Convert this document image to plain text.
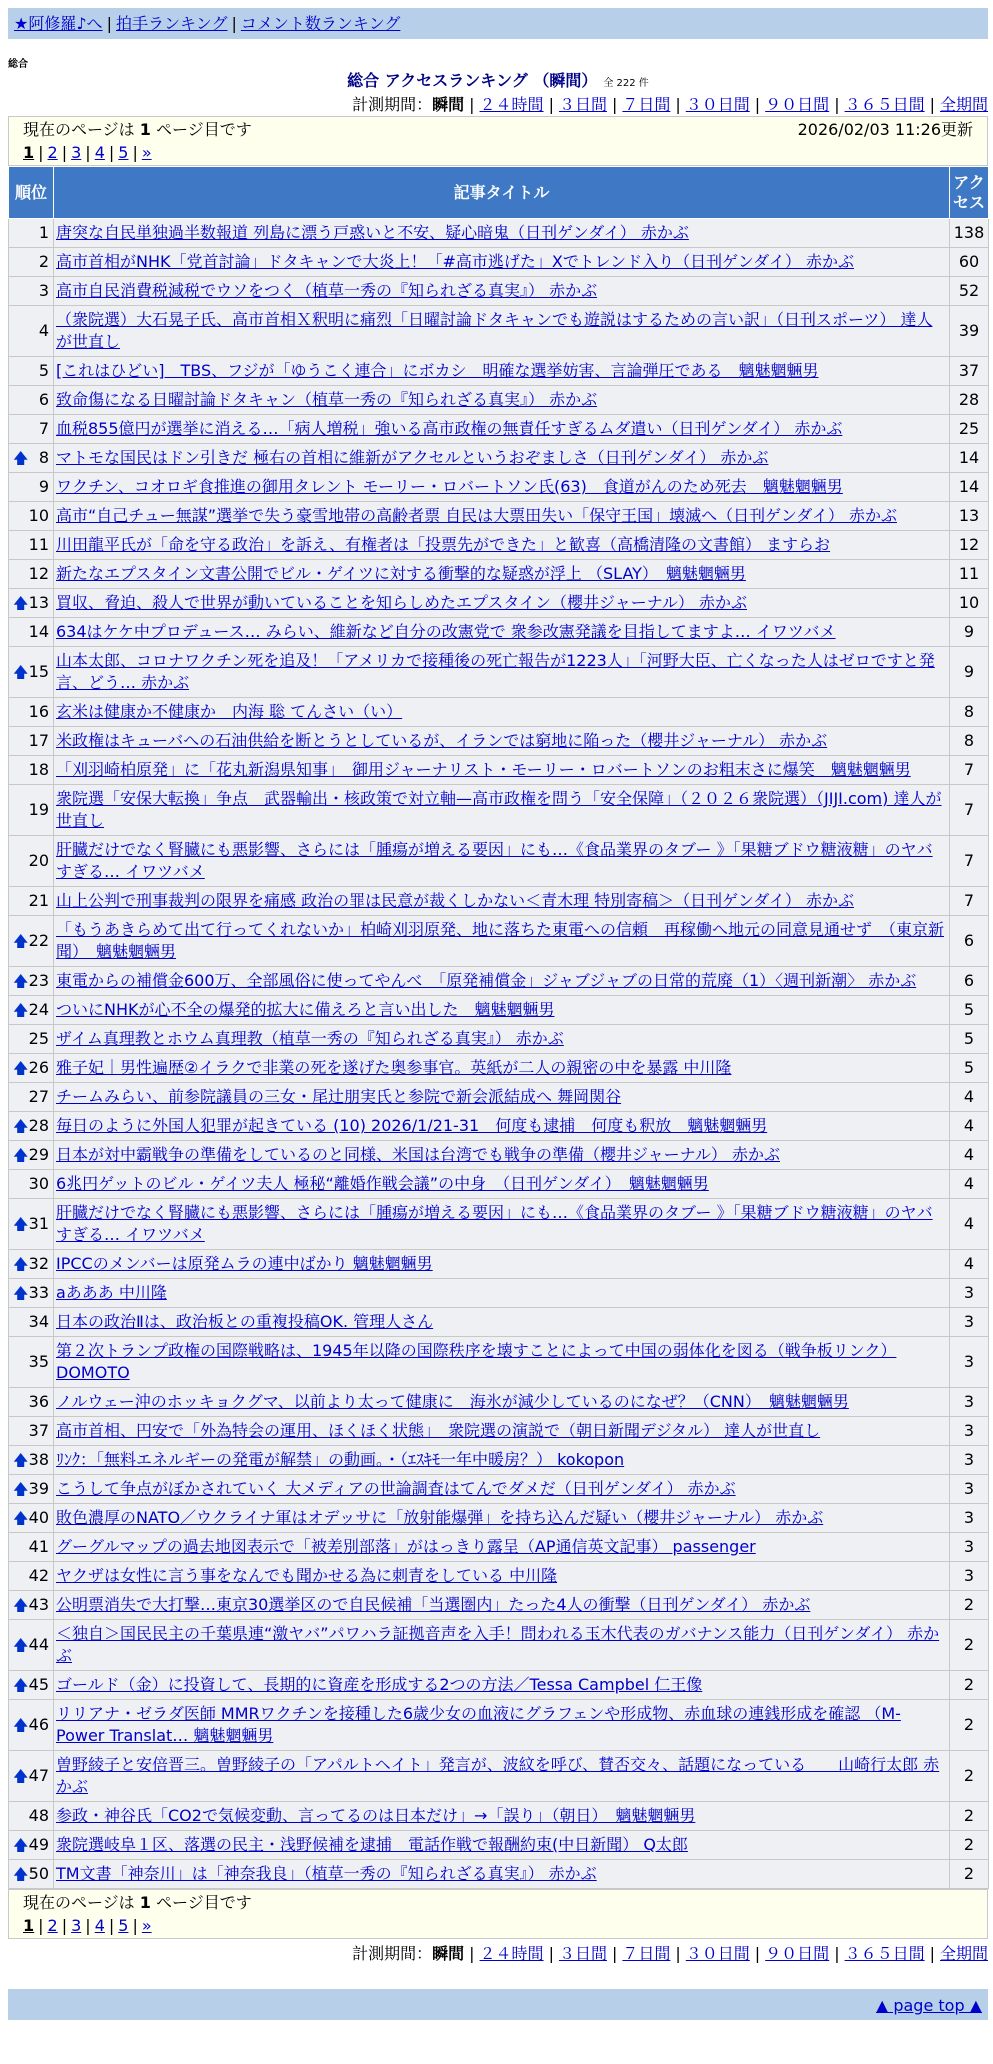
★阿修羅♪へ | 拍手ランキング | コメント数ランキング
総合
総合 アクセスランキング （瞬間） 全 222 件
計測期間：瞬間 | ２４時間 | ３日間 | ７日間 | ３０日間 | ９０日間 | ３６５日間 | 全期間
現在のページは 1 ページ目です	2026/02/03 11:26更新
1 | 2 | 3 | 4 | 5 | »
順位	記事タイトル	アクセス
1	唐突な自民単独過半数報道 列島に漂う戸惑いと不安、疑心暗鬼（日刊ゲンダイ） 赤かぶ	138
2	高市首相がNHK「党首討論」ドタキャンで大炎上！「#高市逃げた」Xでトレンド入り（日刊ゲンダイ） 赤かぶ	60
3	高市自民消費税減税でウソをつく（植草一秀の『知られざる真実』） 赤かぶ	52
4	（衆院選）大石晃子氏、高市首相Ｘ釈明に痛烈「日曜討論ドタキャンでも遊説はするための言い訳」（日刊スポーツ） 達人が世直し	39
5	[これはひどい]　TBS、フジが「ゆうこく連合」にボカシ　明確な選挙妨害、言論弾圧である　魑魅魍魎男	37
6	致命傷になる日曜討論ドタキャン（植草一秀の『知られざる真実』） 赤かぶ	28
7	血税855億円が選挙に消える…「病人増税」強いる高市政権の無責任すぎるムダ遣い（日刊ゲンダイ） 赤かぶ	25

🡅 8	マトモな国民はドン引きだ 極右の首相に維新がアクセルというおぞましさ（日刊ゲンダイ） 赤かぶ	14
9	ワクチン、コオロギ食推進の御用タレント モーリー・ロバートソン氏(63)　食道がんのため死去　魑魅魍魎男	14
10	高市“自己チュー無謀”選挙で失う豪雪地帯の高齢者票 自民は大票田失い「保守王国」壊滅へ（日刊ゲンダイ） 赤かぶ	13
11	川田龍平氏が「命を守る政治」を訴え、有権者は「投票先ができた」と歓喜（高橋清隆の文書館） ますらお	12
12	新たなエプスタイン文書公開でビル・ゲイツに対する衝撃的な疑惑が浮上 （SLAY）　魑魅魍魎男	11

🡅 13	買収、脅迫、殺人で世界が動いていることを知らしめたエプスタイン（櫻井ジャーナル） 赤かぶ	10
14	634はケケ中プロデュース… みらい、維新など自分の改憲党で 衆参改憲発議を目指してますよ… イワツバメ	9

🡅 15	山本太郎、コロナワクチン死を追及！「アメリカで接種後の死亡報告が1223人」「河野大臣、亡くなった人はゼロですと発言、どう… 赤かぶ	9
16	玄米は健康か不健康か　内海 聡 てんさい（い）	8
17	米政権はキューバへの石油供給を断とうとしているが、イランでは窮地に陥った（櫻井ジャーナル） 赤かぶ	8
18	「刈羽崎柏原発」に「花丸新潟県知事」　御用ジャーナリスト・モーリー・ロバートソンのお粗末さに爆笑　魑魅魍魎男	7
19	衆院選「安保大転換」争点　武器輸出・核政策で対立軸—高市政権を問う「安全保障」（２０２６衆院選）（JIJI.com) 達人が世直し	7
20	肝臓だけでなく腎臓にも悪影響、さらには「腫瘍が増える要因」にも…《食品業界のタブー 》「果糖ブドウ糖液糖」のヤバすぎる… イワツバメ	7
21	山上公判で刑事裁判の限界を痛感 政治の罪は民意が裁くしかない＜青木理 特別寄稿＞（日刊ゲンダイ） 赤かぶ	7

🡅 22	「もうあきらめて出て行ってくれないか」柏崎刈羽原発、地に落ちた東電への信頼　再稼働へ地元の同意見通せず　（東京新聞）　魑魅魍魎男	6

🡅 23	東電からの補償金600万、全部風俗に使ってやんべ　「原発補償金」ジャブジャブの日常的荒廃（1）〈週刊新潮〉 赤かぶ	6

🡅 24	ついにNHKが心不全の爆発的拡大に備えろと言い出した　魑魅魍魎男	5
25	ザイム真理教とホウム真理教（植草一秀の『知られざる真実』） 赤かぶ	5

🡅 26	雅子妃｜男性遍歴②イラクで非業の死を遂げた奥参事官。英紙が二人の親密の中を暴露 中川隆	5
27	チームみらい、前参院議員の三女・尾辻朋実氏と参院で新会派結成へ 舞岡関谷	4

🡅 28	毎日のように外国人犯罪が起きている (10) 2026/1/21-31　何度も逮捕　何度も釈放　魑魅魍魎男	4

🡅 29	日本が対中霸戦争の準備をしているのと同様、米国は台湾でも戦争の準備（櫻井ジャーナル） 赤かぶ	4
30	6兆円ゲットのビル・ゲイツ夫人 極秘“離婚作戦会議”の中身　（日刊ゲンダイ）　魑魅魍魎男	4

🡅 31	肝臓だけでなく腎臓にも悪影響、さらには「腫瘍が増える要因」にも…《食品業界のタブー 》「果糖ブドウ糖液糖」のヤバすぎる… イワツバメ	4

🡅 32	IPCCのメンバーは原発ムラの連中ばかり 魑魅魍魎男	4

🡅 33	aあああ 中川隆	3
34	日本の政治Ⅱは、政治板との重複投稿OK. 管理人さん	3
35	第２次トランプ政権の国際戦略は、1945年以降の国際秩序を壊すことによって中国の弱体化を図る（戦争板リンク） DOMOTO	3
36	ノルウェー沖のホッキョクグマ、以前より太って健康に　海氷が減少しているのになぜ？（CNN）　魑魅魍魎男	3
37	高市首相、円安で「外為特会の運用、ほくほく状態」　衆院選の演説で（朝日新聞デジタル） 達人が世直し	3

🡅 38	ﾘﾝｸ：「無料エネルギーの発電が解禁」の動画。・（ｴｽｷﾓ一年中暖房？） kokopon	3

🡅 39	こうして争点がぼかされていく 大メディアの世論調査はてんでダメだ（日刊ゲンダイ） 赤かぶ	3

🡅 40	敗色濃厚のNATO／ウクライナ軍はオデッサに「放射能爆弾」を持ち込んだ疑い（櫻井ジャーナル） 赤かぶ	3
41	グーグルマップの過去地図表示で「被差別部落」がはっきり露呈（AP通信英文記事） passenger	3
42	ヤクザは女性に言う事をなんでも聞かせる為に刺青をしている 中川隆	3

🡅 43	公明票消失で大打撃…東京30選挙区ので自民候補「当選圏内」たった4人の衝撃（日刊ゲンダイ） 赤かぶ	2

🡅 44	＜独自＞国民民主の千葉県連“激ヤバ”パワハラ証拠音声を入手！問われる玉木代表のガバナンス能力（日刊ゲンダイ） 赤かぶ	2

🡅 45	ゴールド（金）に投資して、長期的に資産を形成する2つの方法／Tessa Campbel 仁王像	2

🡅 46	リリアナ・ゼラダ医師 MMRワクチンを接種した6歳少女の血液にグラフェンや形成物、赤血球の連銭形成を確認 （M-Power Translat… 魑魅魍魎男	2

🡅 47	曽野綾子と安倍晋三。曽野綾子の「アパルトヘイト」発言が、波紋を呼び、賛否交々、話題になっている　　山崎行太郎 赤かぶ	2
48	参政・神谷氏「CO2で気候変動、言ってるのは日本だけ」→「誤り」（朝日）　魑魅魍魎男	2

🡅 49	衆院選岐阜１区、落選の民主・浅野候補を逮捕　電話作戦で報酬約束(中日新聞） Q太郎	2

🡅 50	TM文書「神奈川」は「神奈我良」（植草一秀の『知られざる真実』） 赤かぶ	2
現在のページは 1 ページ目です
1 | 2 | 3 | 4 | 5 | »
計測期間：瞬間 | ２４時間 | ３日間 | ７日間 | ３０日間 | ９０日間 | ３６５日間 | 全期間
▲ page top ▲
